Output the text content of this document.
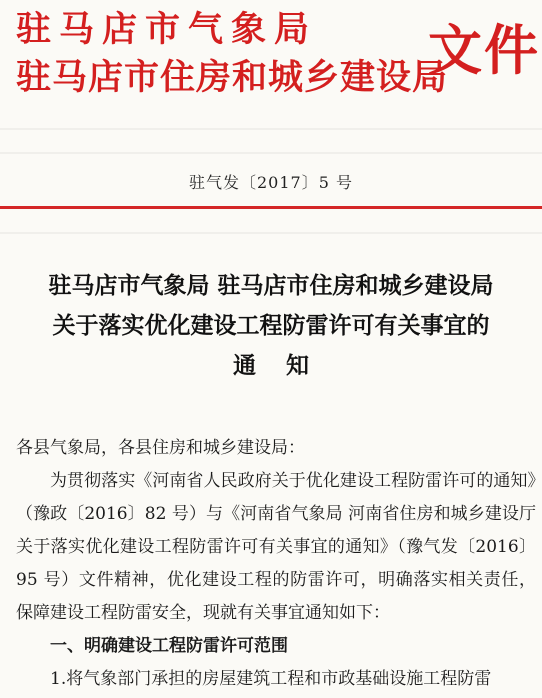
驻马店市气象局
驻马店市住房和城乡建设局
文件
驻气发〔2017〕5 号
驻马店市气象局 驻马店市住房和城乡建设局
关于落实优化建设工程防雷许可有关事宜的
通知
各县气象局，各县住房和城乡建设局：
为贯彻落实《河南省人民政府关于优化建设工程防雷许可的通知》（豫政〔2016〕82 号）与《河南省气象局 河南省住房和城乡建设厅关于落实优化建设工程防雷许可有关事宜的通知》（豫气发〔2016〕95 号）文件精神，优化建设工程的防雷许可，明确落实相关责任，保障建设工程防雷安全，现就有关事宜通知如下：
一、明确建设工程防雷许可范围
1.将气象部门承担的房屋建筑工程和市政基础设施工程防雷
